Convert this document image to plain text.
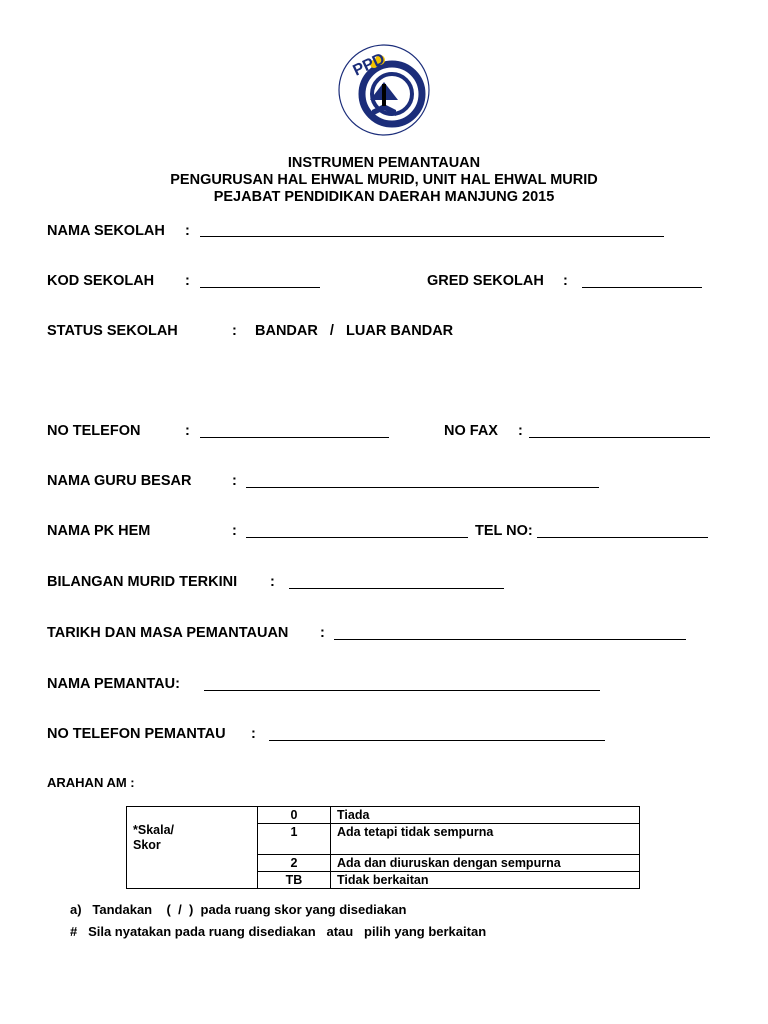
PPD
INSTRUMEN PEMANTAUAN
PENGURUSAN HAL EHWAL MURID, UNIT HAL EHWAL MURID
PEJABAT PENDIDIKAN DAERAH MANJUNG 2015
NAMA SEKOLAH :
KOD SEKOLAH :	GRED SEKOLAH :
STATUS SEKOLAH	: BANDAR   /   LUAR BANDAR
NO TELEFON	:	NO FAX :
NAMA GURU BESAR	:
NAMA PK HEM	:	TEL NO:
BILANGAN MURID TERKINI :
TARIKH DAN MASA PEMANTAUAN :
NAMA PEMANTAU:
NO TELEFON PEMANTAU :
ARAHAN AM :
*Skala/
Skor	0	Tiada
	1	Ada tetapi tidak sempurna
	2	Ada dan diuruskan dengan sempurna
	TB	Tidak berkaitan
a)   Tandakan    (  /  )  pada ruang skor yang disediakan
#   Sila nyatakan pada ruang disediakan   atau   pilih yang berkaitan
